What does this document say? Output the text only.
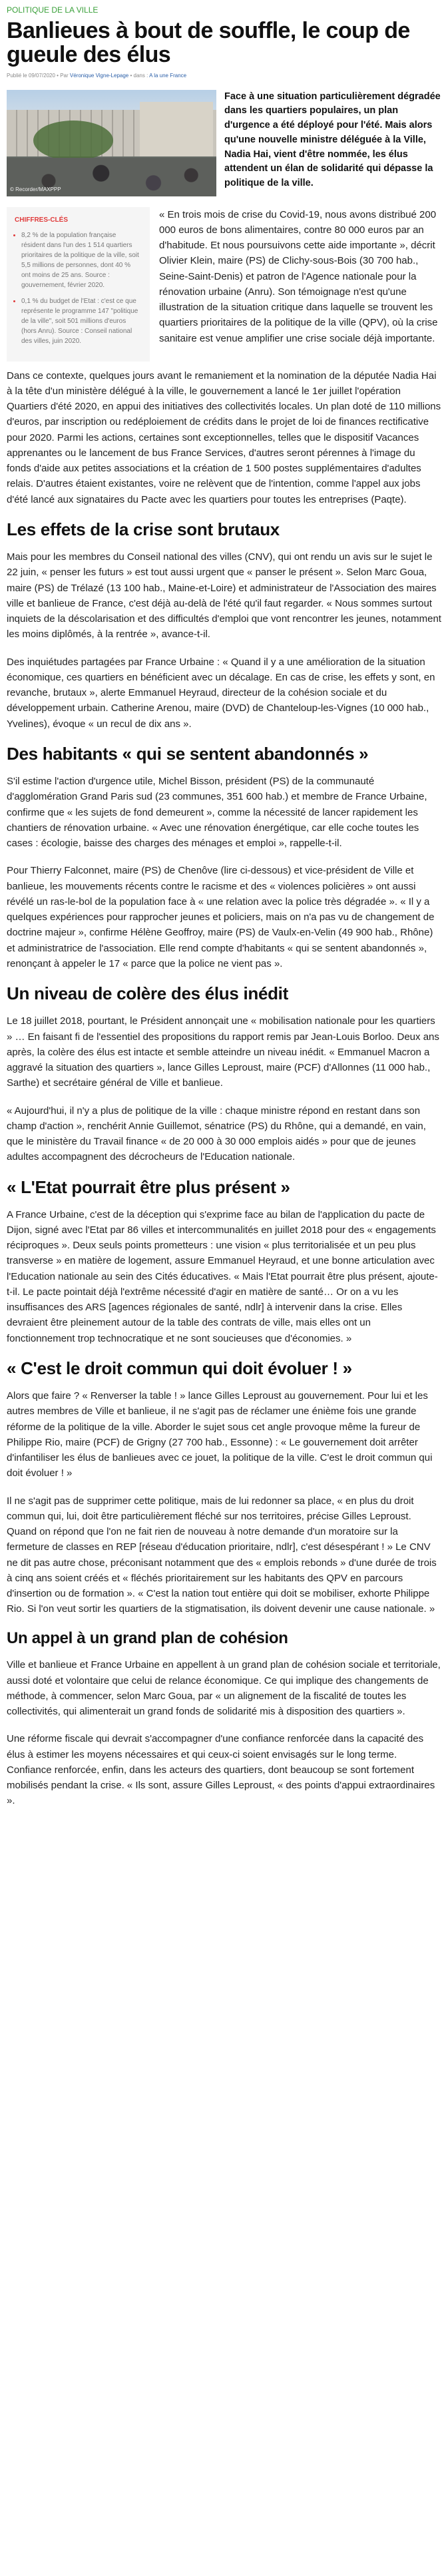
POLITIQUE DE LA VILLE
Banlieues à bout de souffle, le coup de gueule des élus
Publié le 09/07/2020 • Par Véronique Vigne-Lepage • dans : A la une France
© Recorder/MAXPPP
Face à une situation particulièrement dégradée dans les quartiers populaires, un plan d'urgence a été déployé pour l'été. Mais alors qu'une nouvelle ministre déléguée à la Ville, Nadia Hai, vient d'être nommée, les élus attendent un élan de solidarité qui dépasse la politique de la ville.
CHIFFRES-CLÉS
• 8,2 % de la population française résident dans l'un des 1 514 quartiers prioritaires de la politique de la ville, soit 5,5 millions de personnes, dont 40 % ont moins de 25 ans. Source : gouvernement, février 2020.
• 0,1 % du budget de l'Etat : c'est ce que représente le programme 147 "politique de la ville", soit 501 millions d'euros (hors Anru). Source : Conseil national des villes, juin 2020.

« En trois mois de crise du Covid-19, nous avons distribué 200 000 euros de bons alimentaires, contre 80 000 euros par an d'habitude. Et nous poursuivons cette aide importante », décrit Olivier Klein, maire (PS) de Clichy-sous-Bois (30 700 hab., Seine-Saint-Denis) et patron de l'Agence nationale pour la rénovation urbaine (Anru). Son témoignage n'est qu'une illustration de la situation critique dans laquelle se trouvent les quartiers prioritaires de la politique de la ville (QPV), où la crise sanitaire est venue amplifier une crise sociale déjà importante.

Dans ce contexte, quelques jours avant le remaniement et la nomination de la députée Nadia Hai à la tête d'un ministère délégué à la ville, le gouvernement a lancé le 1er juillet l'opération Quartiers d'été 2020, en appui des initiatives des collectivités locales. Un plan doté de 110 millions d'euros, par inscription ou redéploiement de crédits dans le projet de loi de finances rectificative pour 2020. Parmi les actions, certaines sont exceptionnelles, telles que le dispositif Vacances apprenantes ou le lancement de bus France Services, d'autres seront pérennes à l'image du fonds d'aide aux petites associations et la création de 1 500 postes supplémentaires d'adultes relais. D'autres étaient existantes, voire ne relèvent que de l'intention, comme l'appel aux jobs d'été lancé aux signataires du Pacte avec les quartiers pour toutes les entreprises (Paqte).

Les effets de la crise sont brutaux

Mais pour les membres du Conseil national des villes (CNV), qui ont rendu un avis sur le sujet le 22 juin, « penser les futurs » est tout aussi urgent que « panser le présent ». Selon Marc Goua, maire (PS) de Trélazé (13 100 hab., Maine-et-Loire) et administrateur de l'Association des maires ville et banlieue de France, c'est déjà au-delà de l'été qu'il faut regarder. « Nous sommes surtout inquiets de la déscolarisation et des difficultés d'emploi que vont rencontrer les jeunes, notamment les moins diplômés, à la rentrée », avance-t-il.

Des inquiétudes partagées par France Urbaine : « Quand il y a une amélioration de la situation économique, ces quartiers en bénéficient avec un décalage. En cas de crise, les effets y sont, en revanche, brutaux », alerte Emmanuel Heyraud, directeur de la cohésion sociale et du développement urbain. Catherine Arenou, maire (DVD) de Chanteloup-les-Vignes (10 000 hab., Yvelines), évoque « un recul de dix ans ».

Des habitants « qui se sentent abandonnés »

S'il estime l'action d'urgence utile, Michel Bisson, président (PS) de la communauté d'agglomération Grand Paris sud (23 communes, 351 600 hab.) et membre de France Urbaine, confirme que « les sujets de fond demeurent », comme la nécessité de lancer rapidement les chantiers de rénovation urbaine. « Avec une rénovation énergétique, car elle coche toutes les cases : écologie, baisse des charges des ménages et emploi », rappelle-t-il.

Pour Thierry Falconnet, maire (PS) de Chenôve (lire ci-dessous) et vice-président de Ville et banlieue, les mouvements récents contre le racisme et des « violences policières » ont aussi révélé un ras-le-bol de la population face à « une relation avec la police très dégradée ». « Il y a quelques expériences pour rapprocher jeunes et policiers, mais on n'a pas vu de changement de doctrine majeur », confirme Hélène Geoffroy, maire (PS) de Vaulx-en-Velin (49 900 hab., Rhône) et administratrice de l'association. Elle rend compte d'habitants « qui se sentent abandonnés », renonçant à appeler le 17 « parce que la police ne vient pas ».

Un niveau de colère des élus inédit

Le 18 juillet 2018, pourtant, le Président annonçait une « mobilisation nationale pour les quartiers » … En faisant fi de l'essentiel des propositions du rapport remis par Jean-Louis Borloo. Deux ans après, la colère des élus est intacte et semble atteindre un niveau inédit. « Emmanuel Macron a aggravé la situation des quartiers », lance Gilles Leproust, maire (PCF) d'Allonnes (11 000 hab., Sarthe) et secrétaire général de Ville et banlieue.

« Aujourd'hui, il n'y a plus de politique de la ville : chaque ministre répond en restant dans son champ d'action », renchérit Annie Guillemot, sénatrice (PS) du Rhône, qui a demandé, en vain, que le ministère du Travail finance « de 20 000 à 30 000 emplois aidés » pour que de jeunes adultes accompagnent des décrocheurs de l'Education nationale.

« L'Etat pourrait être plus présent »

A France Urbaine, c'est de la déception qui s'exprime face au bilan de l'application du pacte de Dijon, signé avec l'Etat par 86 villes et intercommunalités en juillet 2018 pour des « engagements réciproques ». Deux seuls points prometteurs : une vision « plus territorialisée et un peu plus transverse » en matière de logement, assure Emmanuel Heyraud, et une bonne articulation avec l'Education nationale au sein des Cités éducatives. « Mais l'Etat pourrait être plus présent, ajoute-t-il. Le pacte pointait déjà l'extrême nécessité d'agir en matière de santé… Or on a vu les insuffisances des ARS [agences régionales de santé, ndlr] à intervenir dans la crise. Elles devraient être pleinement autour de la table des contrats de ville, mais elles ont un fonctionnement trop technocratique et ne sont soucieuses que d'économies. »

« C'est le droit commun qui doit évoluer ! »

Alors que faire ? « Renverser la table ! » lance Gilles Leproust au gouvernement. Pour lui et les autres membres de Ville et banlieue, il ne s'agit pas de réclamer une énième fois une grande réforme de la politique de la ville. Aborder le sujet sous cet angle provoque même la fureur de Philippe Rio, maire (PCF) de Grigny (27 700 hab., Essonne) : « Le gouvernement doit arrêter d'infantiliser les élus de banlieues avec ce jouet, la politique de la ville. C'est le droit commun qui doit évoluer ! »

Il ne s'agit pas de supprimer cette politique, mais de lui redonner sa place, « en plus du droit commun qui, lui, doit être particulièrement fléché sur nos territoires, précise Gilles Leproust. Quand on répond que l'on ne fait rien de nouveau à notre demande d'un moratoire sur la fermeture de classes en REP [réseau d'éducation prioritaire, ndlr], c'est désespérant ! » Le CNV ne dit pas autre chose, préconisant notamment que des « emplois rebonds » d'une durée de trois à cinq ans soient créés et « fléchés prioritairement sur les habitants des QPV en parcours d'insertion ou de formation ». « C'est la nation tout entière qui doit se mobiliser, exhorte Philippe Rio. Si l'on veut sortir les quartiers de la stigmatisation, ils doivent devenir une cause nationale. »

Un appel à un grand plan de cohésion

Ville et banlieue et France Urbaine en appellent à un grand plan de cohésion sociale et territoriale, aussi doté et volontaire que celui de relance économique. Ce qui implique des changements de méthode, à commencer, selon Marc Goua, par « un alignement de la fiscalité de toutes les collectivités, qui alimenterait un grand fonds de solidarité mis à disposition des quartiers ».

Une réforme fiscale qui devrait s'accompagner d'une confiance renforcée dans la capacité des élus à estimer les moyens nécessaires et qui ceux-ci soient envisagés sur le long terme. Confiance renforcée, enfin, dans les acteurs des quartiers, dont beaucoup se sont fortement mobilisés pendant la crise. « Ils sont, assure Gilles Leproust, « des points d'appui extraordinaires ».
